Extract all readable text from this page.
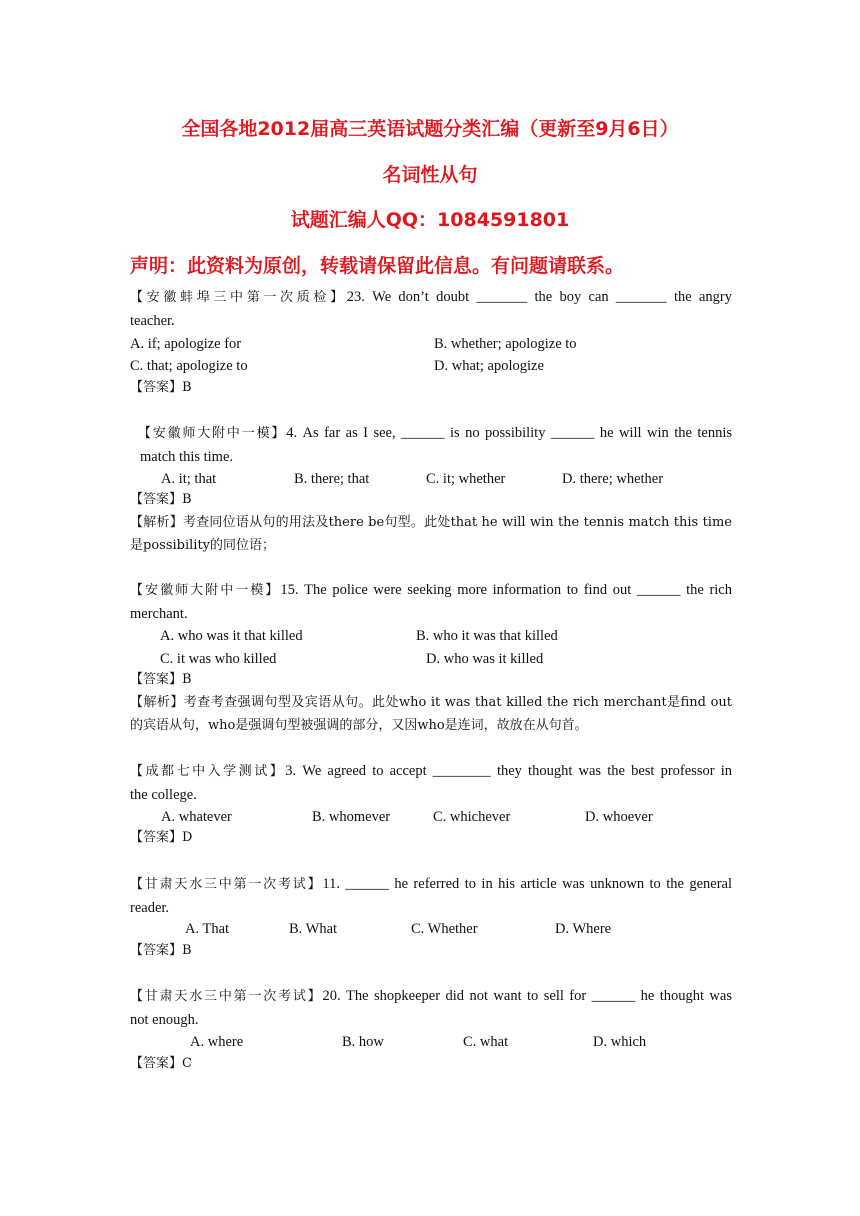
全国各地2012届高三英语试题分类汇编（更新至9月6日）
名词性从句
试题汇编人QQ：1084591801
声明：此资料为原创，转载请保留此信息。有问题请联系。
【安徽蚌埠三中第一次质检】23. We don’t doubt _______ the boy can _______ the angry
teacher.
A. if; apologize for	B. whether; apologize to
C. that; apologize to	D. what; apologize
【答案】B
【安徽师大附中一模】4. As far as I see, ______ is no possibility ______ he will win the tennis
match this time.
A. it; that	B. there; that	C. it; whether	D. there; whether
【答案】B
【解析】考查同位语从句的用法及there be句型。此处that he will win the tennis match this time
是possibility的同位语；
【安徽师大附中一模】15. The police were seeking more information to find out ______ the rich
merchant.
A. who was it that killed	B. who it was that killed
C. it was who killed	D. who was it killed
【答案】B
【解析】考查考查强调句型及宾语从句。此处who it was that killed the rich merchant是find out
的宾语从句，who是强调句型被强调的部分，又因who是连词，故放在从句首。
【成都七中入学测试】3. We agreed to accept ________ they thought was the best professor in
the college.
A. whatever	B. whomever	C. whichever	D. whoever
【答案】D
【甘肃天水三中第一次考试】11. ______ he referred to in his article was unknown to the general
reader.
A. That	B. What	C. Whether	D. Where
【答案】B
【甘肃天水三中第一次考试】20. The shopkeeper did not want to sell for ______ he thought was
not enough.
A. where	B. how	C. what	D. which
【答案】C
